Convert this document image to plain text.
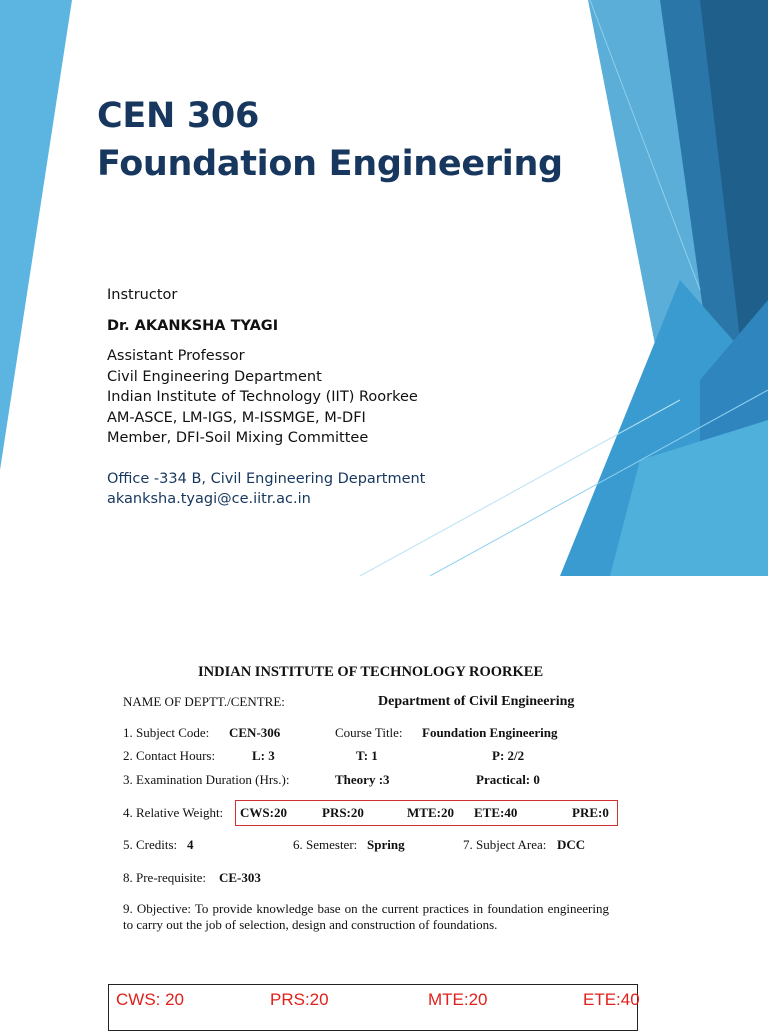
CEN 306
Foundation Engineering
Instructor
Dr. AKANKSHA TYAGI
Assistant Professor
Civil Engineering Department
Indian Institute of Technology (IIT) Roorkee
AM-ASCE, LM-IGS, M-ISSMGE, M-DFI
Member, DFI-Soil Mixing Committee
Office -334 B, Civil Engineering Department
akanksha.tyagi@ce.iitr.ac.in
INDIAN INSTITUTE OF TECHNOLOGY ROORKEE
NAME OF DEPTT./CENTRE:	Department of Civil Engineering
1. Subject Code: CEN-306	Course Title: Foundation Engineering
2. Contact Hours:	L: 3	T: 1	P: 2/2
3. Examination Duration (Hrs.):	Theory :3	Practical: 0
4. Relative Weight: CWS:20	PRS:20	MTE:20 ETE:40	PRE:0
5. Credits: 4	6. Semester: Spring	7. Subject Area: DCC
8. Pre-requisite: CE-303
9. Objective: To provide knowledge base on the current practices in foundation engineering to carry out the job of selection, design and construction of foundations.
CWS: 20	PRS:20	MTE:20	ETE:40
